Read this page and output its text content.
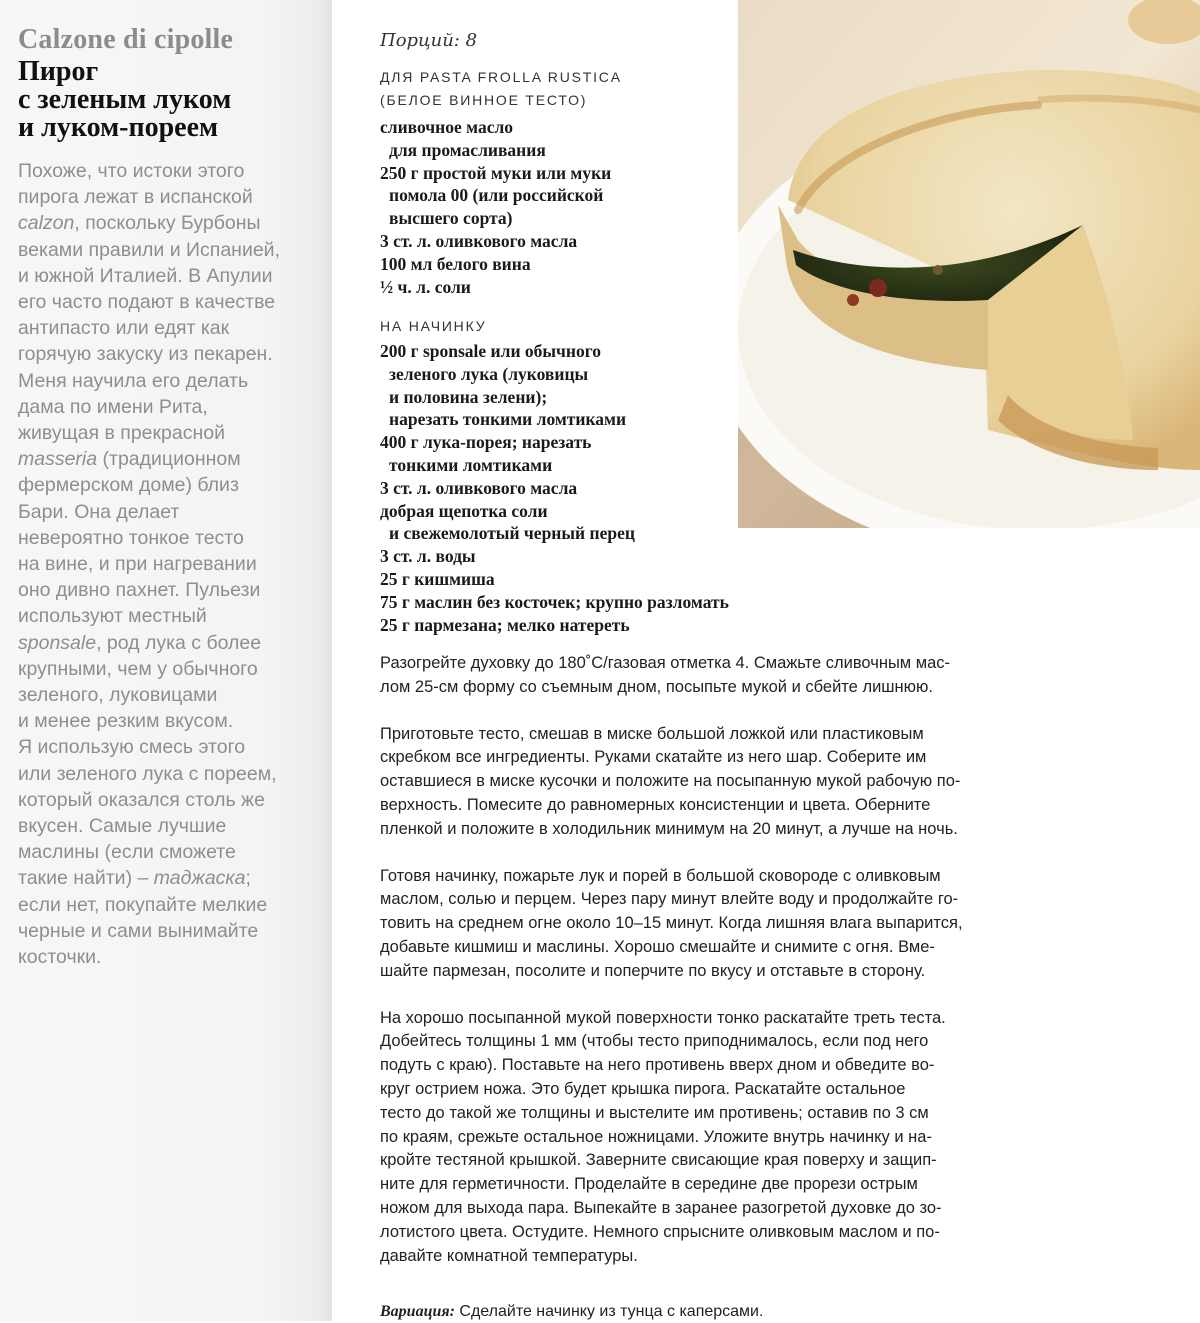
Calzone di cipolle
Пирог
с зеленым луком
и луком-пореем
Похоже, что истоки этого
пирога лежат в испанской
calzon, поскольку Бурбоны
веками правили и Испанией,
и южной Италией. В Апулии
его часто подают в качестве
антипасто или едят как
горячую закуску из пекарен.
Меня научила его делать
дама по имени Рита,
живущая в прекрасной
masseria (традиционном
фермерском доме) близ
Бари. Она делает
невероятно тонкое тесто
на вине, и при нагревании
оно дивно пахнет. Пульези
используют местный
sponsale, род лука с более
крупными, чем у обычного
зеленого, луковицами
и менее резким вкусом.
Я использую смесь этого
или зеленого лука с пореем,
который оказался столь же
вкусен. Самые лучшие
маслины (если сможете
такие найти) – таджаска;
если нет, покупайте мелкие
черные и сами вынимайте
косточки.

Порций: 8

ДЛЯ PASTA FROLLA RUSTICA
(БЕЛОЕ ВИННОЕ ТЕСТО)
сливочное масло
для промасливания
250 г простой муки или муки
помола 00 (или российской
высшего сорта)
3 ст. л. оливкового масла
100 мл белого вина
½ ч. л. соли
НА НАЧИНКУ
200 г sponsale или обычного
зеленого лука (луковицы
и половина зелени);
нарезать тонкими ломтиками
400 г лука-порея; нарезать
тонкими ломтиками
3 ст. л. оливкового масла
добрая щепотка соли
и свежемолотый черный перец
3 ст. л. воды
25 г кишмиша
75 г маслин без косточек; крупно разломать
25 г пармезана; мелко натереть

Разогрейте духовку до 180˚С/газовая отметка 4. Смажьте сливочным мас-
лом 25-см форму со съемным дном, посыпьте мукой и сбейте лишнюю.

Приготовьте тесто, смешав в миске большой ложкой или пластиковым
скребком все ингредиенты. Руками скатайте из него шар. Соберите им
оставшиеся в миске кусочки и положите на посыпанную мукой рабочую по-
верхность. Помесите до равномерных консистенции и цвета. Оберните
пленкой и положите в холодильник минимум на 20 минут, а лучше на ночь.

Готовя начинку, пожарьте лук и порей в большой сковороде с оливковым
маслом, солью и перцем. Через пару минут влейте воду и продолжайте го-
товить на среднем огне около 10–15 минут. Когда лишняя влага выпарится,
добавьте кишмиш и маслины. Хорошо смешайте и снимите с огня. Вме-
шайте пармезан, посолите и поперчите по вкусу и отставьте в сторону.

На хорошо посыпанной мукой поверхности тонко раскатайте треть теста.
Добейтесь толщины 1 мм (чтобы тесто приподнималось, если под него
подуть с краю). Поставьте на него противень вверх дном и обведите во-
круг острием ножа. Это будет крышка пирога. Раскатайте остальное
тесто до такой же толщины и выстелите им противень; оставив по 3 см
по краям, срежьте остальное ножницами. Уложите внутрь начинку и на-
кройте тестяной крышкой. Заверните свисающие края поверху и защип-
ните для герметичности. Проделайте в середине две прорези острым
ножом для выхода пара. Выпекайте в заранее разогретой духовке до зо-
лотистого цвета. Остудите. Немного спрысните оливковым маслом и по-
давайте комнатной температуры.

Вариация: Сделайте начинку из тунца с каперсами.
